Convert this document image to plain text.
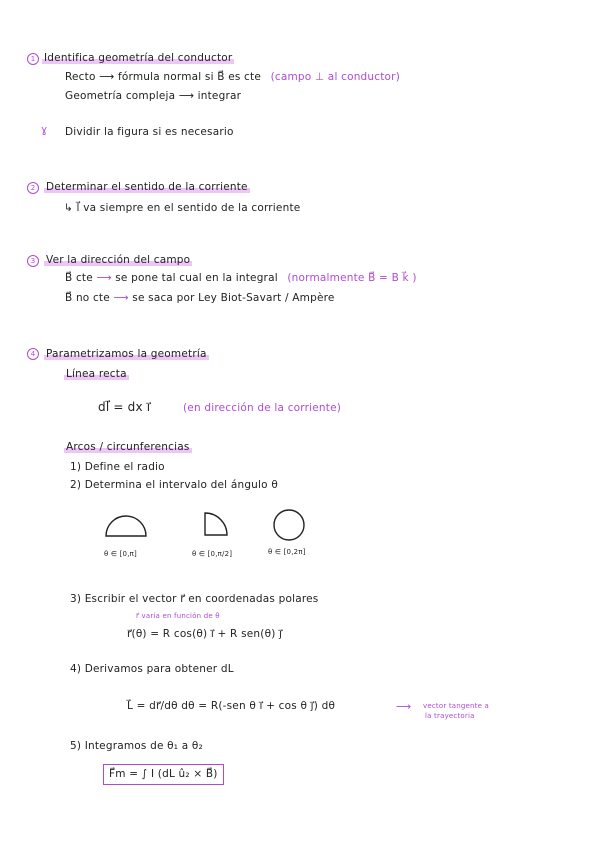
1 Identifica geometría del conductor
Recto ⟶ fórmula normal si B⃗ es cte (campo ⊥ al conductor)
Geometría compleja ⟶ integrar
ɣ Dividir la figura si es necesario
2	Determinar el sentido de la corriente
↳ l⃗ va siempre en el sentido de la corriente
3	Ver la dirección del campo
B⃗ cte ⟶ se pone tal cual en la integral (normalmente B⃗ = B k⃗ )
B⃗ no cte ⟶ se saca por Ley Biot-Savart / Ampère
4	Parametrizamos la geometría
Línea recta
dl⃗ = dx i⃗	(en dirección de la corriente)
Arcos / circunferencias
1) Define el radio
2) Determina el intervalo del ángulo θ
θ ∈ [0,π]	θ ∈ [0,π/2]	θ ∈ [0,2π]
3) Escribir el vector r⃗ en coordenadas polares
r⃗ varía en función de θ
r⃗(θ) = R cos(θ) i⃗ + R sen(θ) j⃗
4) Derivamos para obtener dL
L⃗ = dr⃗/dθ dθ = R(-sen θ i⃗ + cos θ j⃗) dθ	⟶ vector tangente a
la trayectoria
5) Integramos de θ₁ a θ₂
F⃗m = ∫ I (dL û₂ × B⃗)
